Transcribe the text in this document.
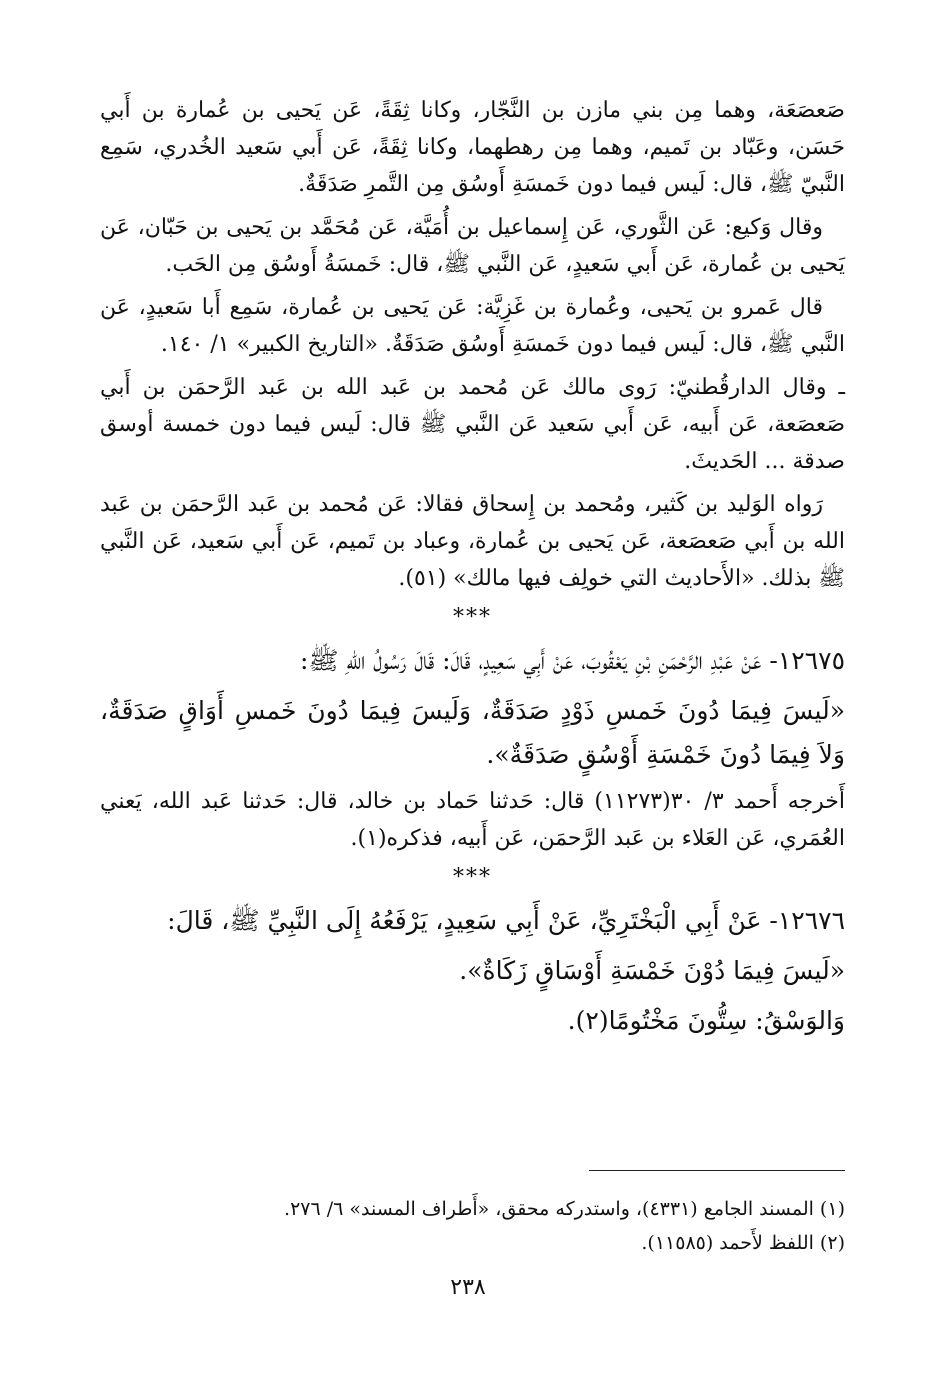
صَعصَعَة، وهما مِن بني مازن بن النَّجّار، وكانا ثِقَةً، عَن يَحيى بن عُمارة بن أَبي حَسَن، وعَبّاد بن تَميم، وهما مِن رهطهما، وكانا ثِقَةً، عَن أَبي سَعيد الخُدري، سَمِع النَّبيّ ﷺ، قال: لَيس فيما دون خَمسَةِ أَوسُق مِن التَّمرِ صَدَقَةٌ.

وقال وَكيع: عَن الثَّوري، عَن إِسماعيل بن أُمَيَّة، عَن مُحَمَّد بن يَحيى بن حَبّان، عَن يَحيى بن عُمارة، عَن أَبي سَعيدٍ، عَن النَّبي ﷺ، قال: خَمسَةُ أَوسُق مِن الحَب.

قال عَمرو بن يَحيى، وعُمارة بن غَزِيَّة: عَن يَحيى بن عُمارة، سَمِع أَبا سَعيدٍ، عَن النَّبي ﷺ، قال: لَيس فيما دون خَمسَةِ أَوسُق صَدَقَةٌ. «التاريخ الكبير» ١/ ١٤٠.

ـ وقال الدارقُطنيّ: رَوى مالك عَن مُحمد بن عَبد الله بن عَبد الرَّحمَن بن أَبي صَعصَعة، عَن أَبيه، عَن أَبي سَعيد عَن النَّبي ﷺ قال: لَيس فيما دون خمسة أوسق صدقة ... الحَديثَ.

رَواه الوَليد بن كَثير، ومُحمد بن إِسحاق فقالا: عَن مُحمد بن عَبد الرَّحمَن بن عَبد الله بن أَبي صَعصَعة، عَن يَحيى بن عُمارة، وعباد بن تَميم، عَن أَبي سَعيد، عَن النَّبي ﷺ بذلك. «الأَحاديث التي خولِف فيها مالك» (٥١).

***

١٢٦٧٥- عَنْ عَبْدِ الرَّحْمَنِ بْنِ يَعْقُوبَ، عَنْ أَبِي سَعِيدٍ، قَالَ: قَالَ رَسُولُ اللهِ ﷺ:

«لَيسَ فِيمَا دُونَ خَمسِ ذَوْدٍ صَدَقَةٌ، وَلَيسَ فِيمَا دُونَ خَمسِ أَوَاقٍ صَدَقَةٌ، وَلاَ فِيمَا دُونَ خَمْسَةِ أَوْسُقٍ صَدَقَةٌ».

أَخرجه أَحمد ٣/ ٣٠(١١٢٧٣) قال: حَدثنا حَماد بن خالد، قال: حَدثنا عَبد الله، يَعني العُمَري، عَن العَلاء بن عَبد الرَّحمَن، عَن أَبيه، فذكره(١).

***

١٢٦٧٦- عَنْ أَبِي الْبَخْتَرِيِّ، عَنْ أَبِي سَعِيدٍ، يَرْفَعُهُ إِلَى النَّبِيِّ ﷺ، قَالَ:

«لَيسَ فِيمَا دُوْنَ خَمْسَةِ أَوْسَاقٍ زَكَاةٌ».

وَالوَسْقُ: سِتُّونَ مَخْتُومًا(٢).

(١) المسند الجامع (٤٣٣١)، واستدركه محقق، «أَطراف المسند» ٦/ ٢٧٦.

(٢) اللفظ لأَحمد (١١٥٨٥).

٢٣٨
